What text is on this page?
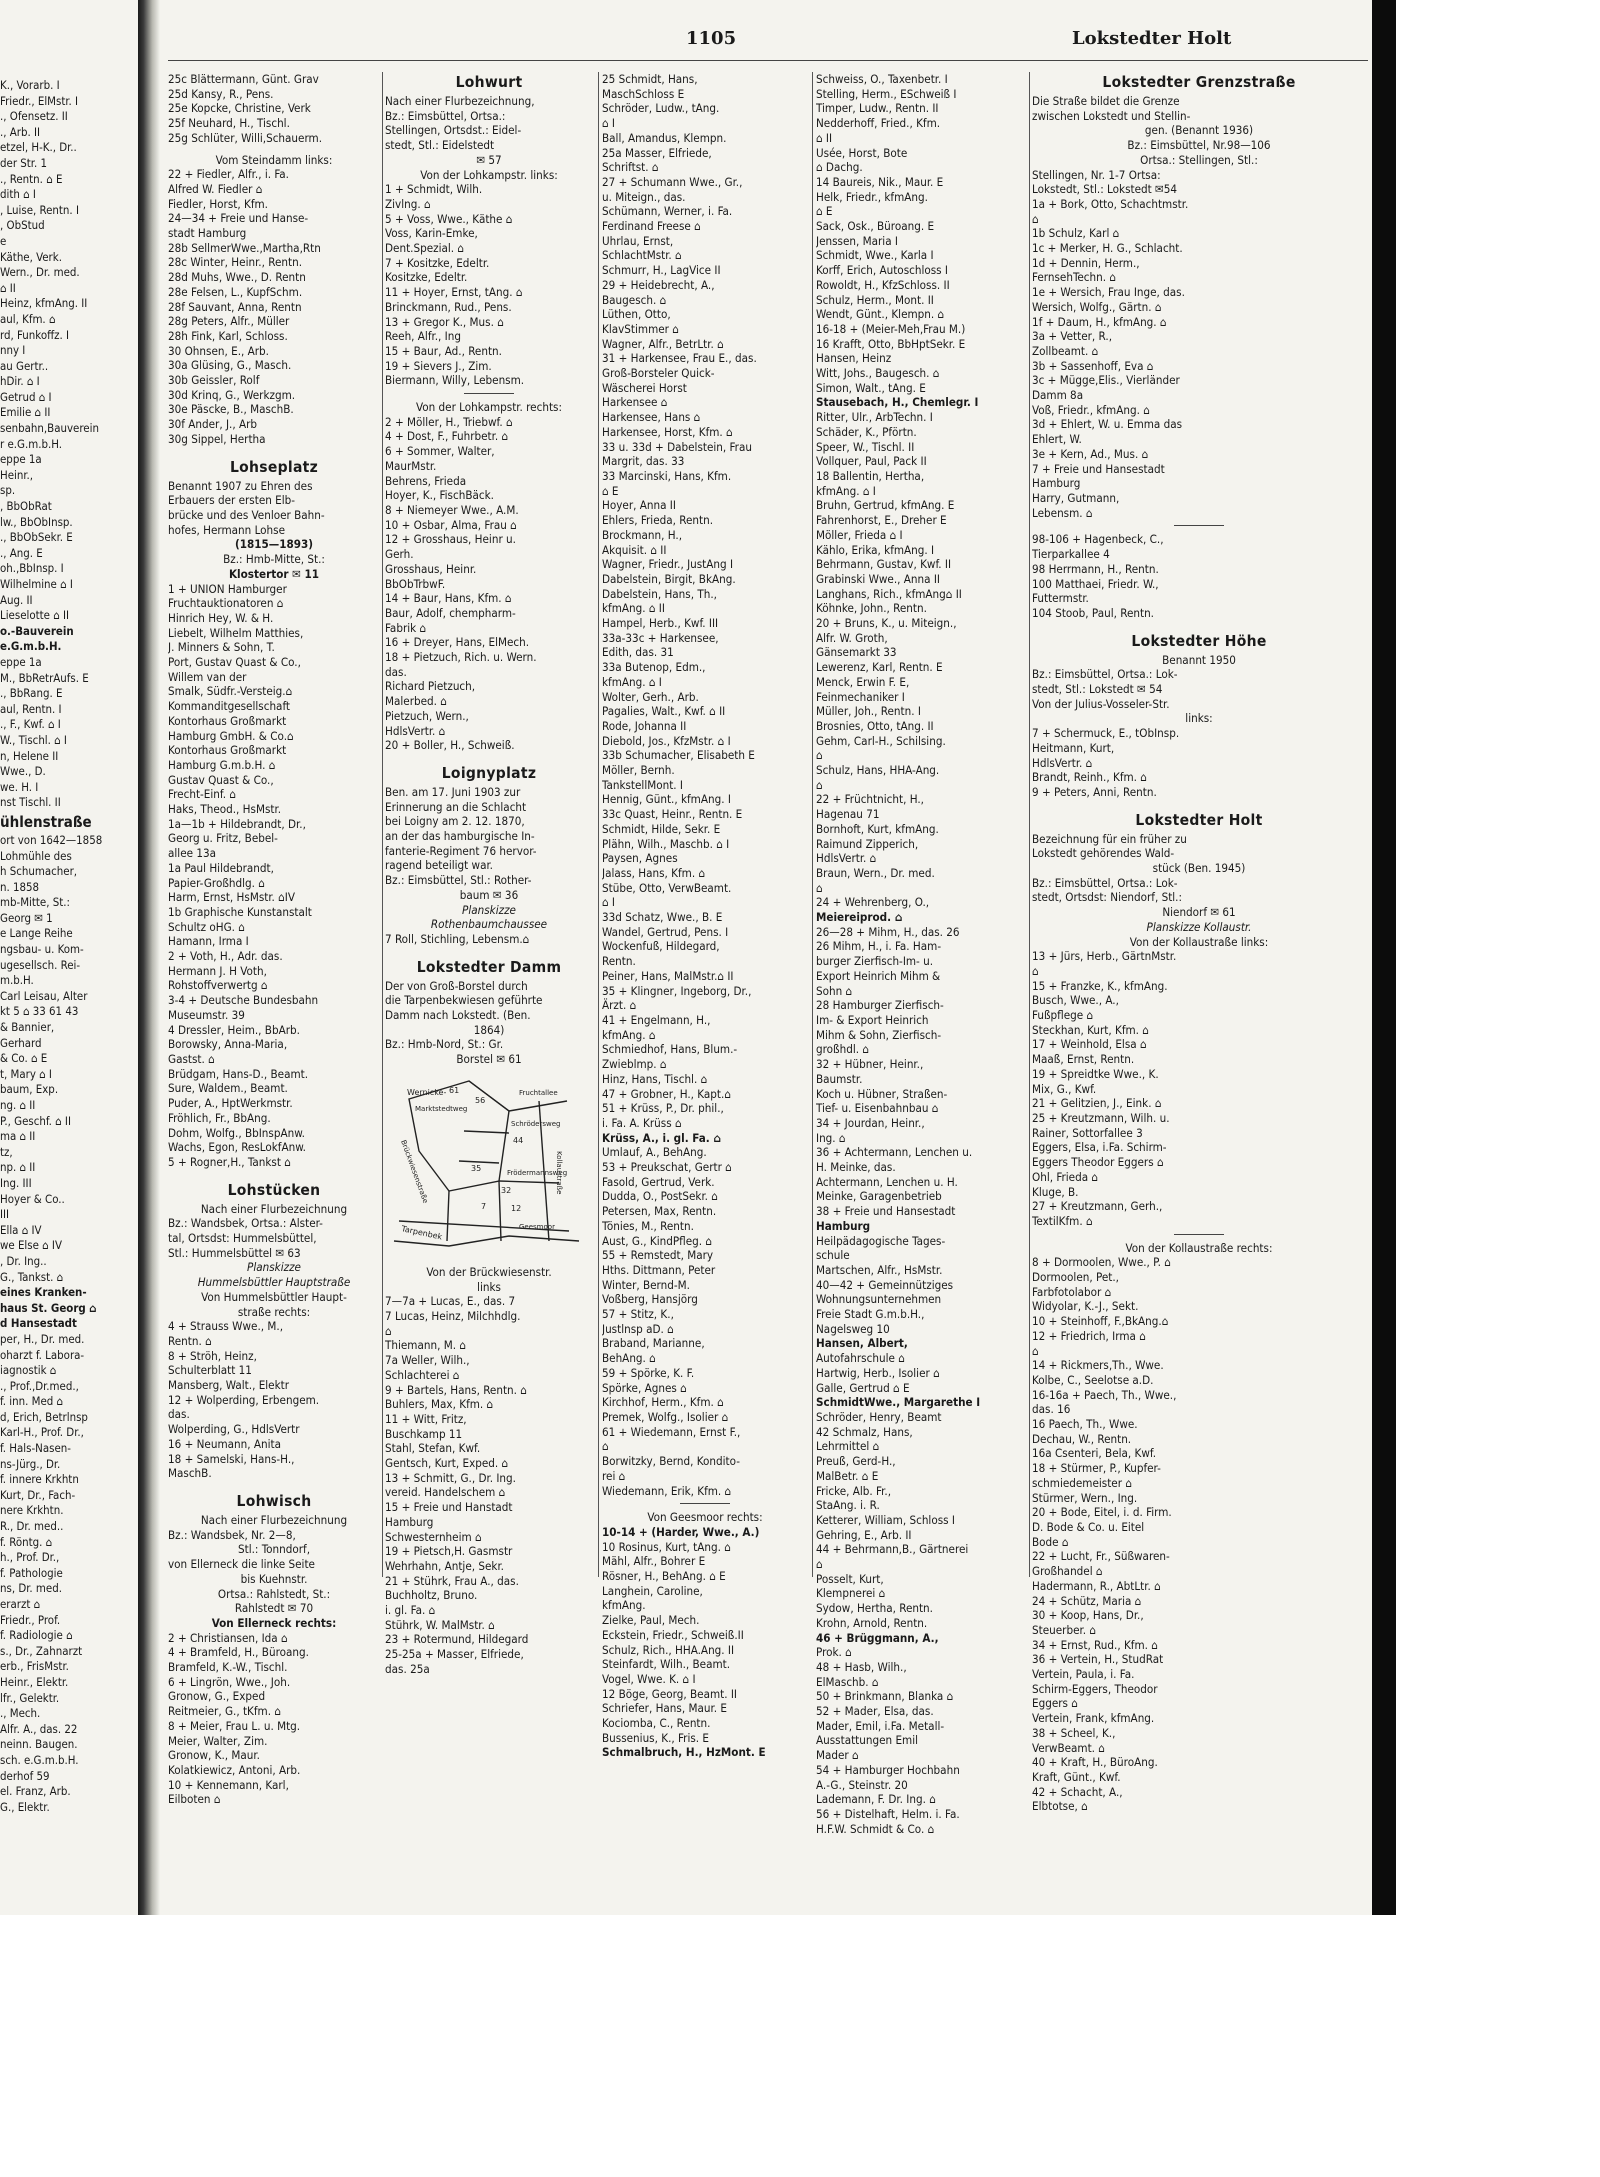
K., Vorarb. I
Friedr., ElMstr. I
., Ofensetz. II
., Arb. II
etzel, H-K., Dr..
der Str. 1
., Rentn. ⌂ E
dith ⌂ I
, Luise, Rentn. I
, ObStud
e
Käthe, Verk.
Wern., Dr. med.
⌂ II
Heinz, kfmAng. II
aul, Kfm. ⌂
rd, Funkoffz. I
nny I
au Gertr..
hDir. ⌂ I
Getrud ⌂ I
Emilie ⌂ II
senbahn,Bauverein
r e.G.m.b.H.
eppe 1a
Heinr.,
sp.
, BbObRat
lw., BbObInsp.
., BbObSekr. E
., Ang. E
oh.,BbInsp. I
Wilhelmine ⌂ I
Aug. II
Lieselotte ⌂ II
o.-Bauverein
e.G.m.b.H.
eppe 1a
M., BbRetrAufs. E
., BbRang. E
aul, Rentn. I
., F., Kwf. ⌂ I
W., Tischl. ⌂ I
n, Helene II
Wwe., D.
we. H. I
nst Tischl. II
ühlenstraße
ort von 1642—1858
Lohmühle des
h Schumacher,
n. 1858
mb-Mitte, St.:
Georg ✉ 1
e Lange Reihe
ngsbau- u. Kom-
ugesellsch. Rei-
m.b.H.
Carl Leisau, Alter
kt 5 ⌂ 33 61 43
& Bannier,
Gerhard
& Co. ⌂ E
t, Mary ⌂ I
baum, Exp.
ng. ⌂ II
P., Geschf. ⌂ II
ma ⌂ II
tz,
np. ⌂ II
Ing. III
Hoyer & Co..
III
Ella ⌂ IV
we Else ⌂ IV
, Dr. Ing..
G., Tankst. ⌂
eines Kranken-
haus St. Georg ⌂
d Hansestadt
per, H., Dr. med.
oharzt f. Labora-
iagnostik ⌂
., Prof.,Dr.med.,
f. inn. Med ⌂
d, Erich, Betrlnsp
Karl-H., Prof. Dr.,
f. Hals-Nasen-
ns-Jürg., Dr.
f. innere Krkhtn
Kurt, Dr., Fach-
nere Krkhtn.
R., Dr. med..
f. Röntg. ⌂
h., Prof. Dr.,
f. Pathologie
ns, Dr. med.
erarzt ⌂
Friedr., Prof.
f. Radiologie ⌂
s., Dr., Zahnarzt
erb., FrisMstr.
Heinr., Elektr.
lfr., Gelektr.
., Mech.
Alfr. A., das. 22
neinn. Baugen.
sch. e.G.m.b.H.
derhof 59
el. Franz, Arb.
G., Elektr.
1105	Lokstedter Holt
25c Blättermann, Günt. Grav
25d Kansy, R., Pens.
25e Kopcke, Christine, Verk
25f Neuhard, H., Tischl.
25g Schlüter, Willi,Schauerm.
Vom Steindamm links:
22 + Fiedler, Alfr., i. Fa.
Alfred W. Fiedler ⌂
Fiedler, Horst, Kfm.
24—34 + Freie und Hanse-
stadt Hamburg
28b SellmerWwe.,Martha,Rtn
28c Winter, Heinr., Rentn.
28d Muhs, Wwe., D. Rentn
28e Felsen, L., KupfSchm.
28f Sauvant, Anna, Rentn
28g Peters, Alfr., Müller
28h Fink, Karl, Schloss.
30 Ohnsen, E., Arb.
30a Glüsing, G., Masch.
30b Geissler, Rolf
30d Krinq, G., Werkzgm.
30e Päscke, B., MaschB.
30f Ander, J., Arb
30g Sippel, Hertha
Lohseplatz
Benannt 1907 zu Ehren des
Erbauers der ersten Elb-
brücke und des Venloer Bahn-
hofes, Hermann Lohse
(1815—1893)
Bz.: Hmb-Mitte, St.:
Klostertor ✉ 11
1 + UNION Hamburger
Fruchtauktionatoren ⌂
Hinrich Hey, W. & H.
Liebelt, Wilhelm Matthies,
J. Minners & Sohn, T.
Port, Gustav Quast & Co.,
Willem van der
Smalk, Südfr.-Versteig.⌂
Kommanditgesellschaft
Kontorhaus Großmarkt
Hamburg GmbH. & Co.⌂
Kontorhaus Großmarkt
Hamburg G.m.b.H. ⌂
Gustav Quast & Co.,
Frecht-Einf. ⌂
Haks, Theod., HsMstr.
1a—1b + Hildebrandt, Dr.,
Georg u. Fritz, Bebel-
allee 13a
1a Paul Hildebrandt,
Papier-Großhdlg. ⌂
Harm, Ernst, HsMstr. ⌂IV
1b Graphische Kunstanstalt
Schultz oHG. ⌂
Hamann, Irma I
2 + Voth, H., Adr. das.
Hermann J. H Voth,
Rohstoffverwertg ⌂
3-4 + Deutsche Bundesbahn
Museumstr. 39
4 Dressler, Heim., BbArb.
Borowsky, Anna-Maria,
Gastst. ⌂
Brüdgam, Hans-D., Beamt.
Sure, Waldem., Beamt.
Puder, A., HptWerkmstr.
Fröhlich, Fr., BbAng.
Dohm, Wolfg., BbInspAnw.
Wachs, Egon, ResLokfAnw.
5 + Rogner,H., Tankst ⌂
Lohstücken
Nach einer Flurbezeichnung
Bz.: Wandsbek, Ortsa.: Alster-
tal, Ortsdst: Hummelsbüttel,
Stl.: Hummelsbüttel ✉ 63
Planskizze
Hummelsbüttler Hauptstraße
Von Hummelsbüttler Haupt-
straße rechts:
4 + Strauss Wwe., M.,
Rentn. ⌂
8 + Ströh, Heinz,
Schulterblatt 11
Mansberg, Walt., Elektr
12 + Wolperding, Erbengem.
das.
Wolperding, G., HdlsVertr
16 + Neumann, Anita
18 + Samelski, Hans-H.,
MaschB.
Lohwisch
Nach einer Flurbezeichnung
Bz.: Wandsbek, Nr. 2—8,
Stl.: Tonndorf,
von Ellerneck die linke Seite
bis Kuehnstr.
Ortsa.: Rahlstedt, St.:
Rahlstedt ✉ 70
Von Ellerneck rechts:
2 + Christiansen, Ida ⌂
4 + Bramfeld, H., Büroang.
Bramfeld, K.-W., Tischl.
6 + Lingrön, Wwe., Joh.
Gronow, G., Exped
Reitmeier, G., tKfm. ⌂
8 + Meier, Frau L. u. Mtg.
Meier, Walter, Zim.
Gronow, K., Maur.
Kolatkiewicz, Antoni, Arb.
10 + Kennemann, Karl,
Eilboten ⌂
Lohwurt
Nach einer Flurbezeichnung,
Bz.: Eimsbüttel, Ortsa.:
Stellingen, Ortsdst.: Eidel-
stedt, Stl.: Eidelstedt
✉ 57
Von der Lohkampstr. links:
1 + Schmidt, Wilh.
Zivlng. ⌂
5 + Voss, Wwe., Käthe ⌂
Voss, Karin-Emke,
Dent.Spezial. ⌂
7 + Kositzke, Edeltr.
Kositzke, Edeltr.
11 + Hoyer, Ernst, tAng. ⌂
Brinckmann, Rud., Pens.
13 + Gregor K., Mus. ⌂
Reeh, Alfr., Ing
15 + Baur, Ad., Rentn.
19 + Sievers J., Zim.
Biermann, Willy, Lebensm.
Von der Lohkampstr. rechts:
2 + Möller, H., Triebwf. ⌂
4 + Dost, F., Fuhrbetr. ⌂
6 + Sommer, Walter,
MaurMstr.
Behrens, Frieda
Hoyer, K., FischBäck.
8 + Niemeyer Wwe., A.M.
10 + Osbar, Alma, Frau ⌂
12 + Grosshaus, Heinr u.
Gerh.
Grosshaus, Heinr.
BbObTrbwF.
14 + Baur, Hans, Kfm. ⌂
Baur, Adolf, chempharm-
Fabrik ⌂
16 + Dreyer, Hans, ElMech.
18 + Pietzuch, Rich. u. Wern.
das.
Richard Pietzuch,
Malerbed. ⌂
Pietzuch, Wern.,
HdlsVertr. ⌂
20 + Boller, H., Schweiß.
Loignyplatz
Ben. am 17. Juni 1903 zur
Erinnerung an die Schlacht
bei Loigny am 2. 12. 1870,
an der das hamburgische In-
fanterie-Regiment 76 hervor-
ragend beteiligt war.
Bz.: Eimsbüttel, Stl.: Rother-
baum ✉ 36
Planskizze
Rothenbaumchaussee
7 Roll, Stichling, Lebensm.⌂
Lokstedter Damm
Der von Groß-Borstel durch
die Tarpenbekwiesen geführte
Damm nach Lokstedt. (Ben.
1864)
Bz.: Hmb-Nord, St.: Gr.
Borstel ✉ 61
Wernicke-
Marktstedtweg
Fruchtallee
Schrödersweg
Kollaustraße
Brückwiesenstraße	Frödermannsweg
Geesmoor
Tarpenbek
56
44
35
32
7
61
12
Von der Brückwiesenstr.
links
7—7a + Lucas, E., das. 7
7 Lucas, Heinz, Milchhdlg.
⌂
Thiemann, M. ⌂
7a Weller, Wilh.,
Schlachterei ⌂
9 + Bartels, Hans, Rentn. ⌂
Buhlers, Max, Kfm. ⌂
11 + Witt, Fritz,
Buschkamp 11
Stahl, Stefan, Kwf.
Gentsch, Kurt, Exped. ⌂
13 + Schmitt, G., Dr. Ing.
vereid. Handelschem ⌂
15 + Freie und Hanstadt
Hamburg
Schwesternheim ⌂
19 + Pietsch,H. Gasmstr
Wehrhahn, Antje, Sekr.
21 + Stührk, Frau A., das.
Buchholtz, Bruno.
i. gl. Fa. ⌂
Stührk, W. MalMstr. ⌂
23 + Rotermund, Hildegard
25-25a + Masser, Elfriede,
das. 25a
25 Schmidt, Hans,
MaschSchloss E
Schröder, Ludw., tAng.
⌂ I
Ball, Amandus, Klempn.
25a Masser, Elfriede,
Schriftst. ⌂
27 + Schumann Wwe., Gr.,
u. Miteign., das.
Schümann, Werner, i. Fa.
Ferdinand Freese ⌂
Uhrlau, Ernst,
SchlachtMstr. ⌂
Schmurr, H., LagVice II
29 + Heidebrecht, A.,
Baugesch. ⌂
Lüthen, Otto,
KlavStimmer ⌂
Wagner, Alfr., BetrLtr. ⌂
31 + Harkensee, Frau E., das.
Groß-Borsteler Quick-
Wäscherei Horst
Harkensee ⌂
Harkensee, Hans ⌂
Harkensee, Horst, Kfm. ⌂
33 u. 33d + Dabelstein, Frau
Margrit, das. 33
33 Marcinski, Hans, Kfm.
⌂ E
Hoyer, Anna II
Ehlers, Frieda, Rentn.
Brockmann, H.,
Akquisit. ⌂ II
Wagner, Friedr., JustAng I
Dabelstein, Birgit, BkAng.
Dabelstein, Hans, Th.,
kfmAng. ⌂ II
Hampel, Herb., Kwf. III
33a-33c + Harkensee,
Edith, das. 31
33a Butenop, Edm.,
kfmAng. ⌂ I
Wolter, Gerh., Arb.
Pagalies, Walt., Kwf. ⌂ II
Rode, Johanna II
Diebold, Jos., KfzMstr. ⌂ I
33b Schumacher, Elisabeth E
Möller, Bernh.
TankstellMont. I
Hennig, Günt., kfmAng. I
33c Quast, Heinr., Rentn. E
Schmidt, Hilde, Sekr. E
Plähn, Wilh., Maschb. ⌂ I
Paysen, Agnes
Jalass, Hans, Kfm. ⌂
Stübe, Otto, VerwBeamt.
⌂ I
33d Schatz, Wwe., B. E
Wandel, Gertrud, Pens. I
Wockenfuß, Hildegard,
Rentn.
Peiner, Hans, MalMstr.⌂ II
35 + Klingner, Ingeborg, Dr.,
Ärzt. ⌂
41 + Engelmann, H.,
kfmAng. ⌂
Schmiedhof, Hans, Blum.-
Zwieblmp. ⌂
Hinz, Hans, Tischl. ⌂
47 + Grobner, H., Kapt.⌂
51 + Krüss, P., Dr. phil.,
i. Fa. A. Krüss ⌂
Krüss, A., i. gl. Fa. ⌂
Umlauf, A., BehAng.
53 + Preukschat, Gertr ⌂
Fasold, Gertrud, Verk.
Dudda, O., PostSekr. ⌂
Petersen, Max, Rentn.
Tönies, M., Rentn.
Aust, G., KindPfleg. ⌂
55 + Remstedt, Mary
Hths. Dittmann, Peter
Winter, Bernd-M.
Voßberg, Hansjörg
57 + Stitz, K.,
Justlnsp aD. ⌂
Braband, Marianne,
BehAng. ⌂
59 + Spörke, K. F.
Spörke, Agnes ⌂
Kirchhof, Herm., Kfm. ⌂
Premek, Wolfg., Isolier ⌂
61 + Wiedemann, Ernst F.,
⌂
Borwitzky, Bernd, Kondito-
rei ⌂
Wiedemann, Erik, Kfm. ⌂
Von Geesmoor rechts:
10-14 + (Harder, Wwe., A.)
10 Rosinus, Kurt, tAng. ⌂
Mähl, Alfr., Bohrer E
Rösner, H., BehAng. ⌂ E
Langhein, Caroline,
kfmAng.
Zielke, Paul, Mech.
Eckstein, Friedr., Schweiß.II
Schulz, Rich., HHA.Ang. II
Steinfardt, Wilh., Beamt.
Vogel, Wwe. K. ⌂ I
12 Böge, Georg, Beamt. II
Schriefer, Hans, Maur. E
Kociomba, C., Rentn.
Bussenius, K., Fris. E
Schmalbruch, H., HzMont. E
Schweiss, O., Taxenbetr. I
Stelling, Herm., ESchweiß I
Timper, Ludw., Rentn. II
Nedderhoff, Fried., Kfm.
⌂ II
Usée, Horst, Bote
⌂ Dachg.
14 Baureis, Nik., Maur. E
Helk, Friedr., kfmAng.
⌂ E
Sack, Osk., Büroang. E
Jenssen, Maria I
Schmidt, Wwe., Karla I
Korff, Erich, Autoschloss I
Rowoldt, H., KfzSchloss. II
Schulz, Herm., Mont. II
Wendt, Günt., Klempn. ⌂
16-18 + (Meier-Meh,Frau M.)
16 Krafft, Otto, BbHptSekr. E
Hansen, Heinz
Witt, Johs., Baugesch. ⌂
Simon, Walt., tAng. E
Stausebach, H., Chemlegr. I
Ritter, Ulr., ArbTechn. I
Schäder, K., Pförtn.
Speer, W., Tischl. II
Vollquer, Paul, Pack II
18 Ballentin, Hertha,
kfmAng. ⌂ I
Bruhn, Gertrud, kfmAng. E
Fahrenhorst, E., Dreher E
Möller, Frieda ⌂ I
Kählo, Erika, kfmAng. I
Behrmann, Gustav, Kwf. II
Grabinski Wwe., Anna II
Langhans, Rich., kfmAng⌂ II
Köhnke, John., Rentn.
20 + Bruns, K., u. Miteign.,
Alfr. W. Groth,
Gänsemarkt 33
Lewerenz, Karl, Rentn. E
Menck, Erwin F. E,
Feinmechaniker I
Müller, Joh., Rentn. I
Brosnies, Otto, tAng. II
Gehm, Carl-H., Schilsing.
⌂
Schulz, Hans, HHA-Ang.
⌂
22 + Früchtnicht, H.,
Hagenau 71
Bornhoft, Kurt, kfmAng.
Raimund Zipperich,
HdlsVertr. ⌂
Braun, Wern., Dr. med.
⌂
24 + Wehrenberg, O.,
Meiereiprod. ⌂
26—28 + Mihm, H., das. 26
26 Mihm, H., i. Fa. Ham-
burger Zierfisch-Im- u.
Export Heinrich Mihm &
Sohn ⌂
28 Hamburger Zierfisch-
Im- & Export Heinrich
Mihm & Sohn, Zierfisch-
großhdl. ⌂
32 + Hübner, Heinr.,
Baumstr.
Koch u. Hübner, Straßen-
Tief- u. Eisenbahnbau ⌂
34 + Jourdan, Heinr.,
Ing. ⌂
36 + Achtermann, Lenchen u.
H. Meinke, das.
Achtermann, Lenchen u. H.
Meinke, Garagenbetrieb
38 + Freie und Hansestadt
Hamburg
Heilpädagogische Tages-
schule
Martschen, Alfr., HsMstr.
40—42 + Gemeinnütziges
Wohnungsunternehmen
Freie Stadt G.m.b.H.,
Nagelsweg 10
Hansen, Albert,
Autofahrschule ⌂
Hartwig, Herb., Isolier ⌂
Galle, Gertrud ⌂ E
SchmidtWwe., Margarethe I
Schröder, Henry, Beamt
42 Schmalz, Hans,
Lehrmittel ⌂
Preuß, Gerd-H.,
MalBetr. ⌂ E
Fricke, Alb. Fr.,
StaAng. i. R.
Ketterer, William, Schloss I
Gehring, E., Arb. II
44 + Behrmann,B., Gärtnerei
⌂
Posselt, Kurt,
Klempnerei ⌂
Sydow, Hertha, Rentn.
Krohn, Arnold, Rentn.
46 + Brüggmann, A.,
Prok. ⌂
48 + Hasb, Wilh.,
ElMaschb. ⌂
50 + Brinkmann, Blanka ⌂
52 + Mader, Elsa, das.
Mader, Emil, i.Fa. Metall-
Ausstattungen Emil
Mader ⌂
54 + Hamburger Hochbahn
A.-G., Steinstr. 20
Lademann, F. Dr. Ing. ⌂
56 + Distelhaft, Helm. i. Fa.
H.F.W. Schmidt & Co. ⌂
Lokstedter Grenzstraße
Die Straße bildet die Grenze
zwischen Lokstedt und Stellin-
gen. (Benannt 1936)
Bz.: Eimsbüttel, Nr.98—106
Ortsa.: Stellingen, Stl.:
Stellingen, Nr. 1-7 Ortsa:
Lokstedt, Stl.: Lokstedt ✉54
1a + Bork, Otto, Schachtmstr.
⌂
1b Schulz, Karl ⌂
1c + Merker, H. G., Schlacht.
1d + Dennin, Herm.,
FernsehTechn. ⌂
1e + Wersich, Frau Inge, das.
Wersich, Wolfg., Gärtn. ⌂
1f + Daum, H., kfmAng. ⌂
3a + Vetter, R.,
Zollbeamt. ⌂
3b + Sassenhoff, Eva ⌂
3c + Mügge,Elis., Vierländer
Damm 8a
Voß, Friedr., kfmAng. ⌂
3d + Ehlert, W. u. Emma das
Ehlert, W.
3e + Kern, Ad., Mus. ⌂
7 + Freie und Hansestadt
Hamburg
Harry, Gutmann,
Lebensm. ⌂
98-106 + Hagenbeck, C.,
Tierparkallee 4
98 Herrmann, H., Rentn.
100 Matthaei, Friedr. W.,
Futtermstr.
104 Stoob, Paul, Rentn.
Lokstedter Höhe
Benannt 1950
Bz.: Eimsbüttel, Ortsa.: Lok-
stedt, Stl.: Lokstedt ✉ 54
Von der Julius-Vosseler-Str.
links:
7 + Schermuck, E., tObInsp.
Heitmann, Kurt,
HdlsVertr. ⌂
Brandt, Reinh., Kfm. ⌂
9 + Peters, Anni, Rentn.
Lokstedter Holt
Bezeichnung für ein früher zu
Lokstedt gehörendes Wald-
stück (Ben. 1945)
Bz.: Eimsbüttel, Ortsa.: Lok-
stedt, Ortsdst: Niendorf, Stl.:
Niendorf ✉ 61
Planskizze Kollaustr.
Von der Kollaustraße links:
13 + Jürs, Herb., GärtnMstr.
⌂
15 + Franzke, K., kfmAng.
Busch, Wwe., A.,
Fußpflege ⌂
Steckhan, Kurt, Kfm. ⌂
17 + Weinhold, Elsa ⌂
Maaß, Ernst, Rentn.
19 + Spreidtke Wwe., K.
Mix, G., Kwf.
21 + Gelitzien, J., Eink. ⌂
25 + Kreutzmann, Wilh. u.
Rainer, Sottorfallee 3
Eggers, Elsa, i.Fa. Schirm-
Eggers Theodor Eggers ⌂
Ohl, Frieda ⌂
Kluge, B.
27 + Kreutzmann, Gerh.,
TextilKfm. ⌂
Von der Kollaustraße rechts:
8 + Dormoolen, Wwe., P. ⌂
Dormoolen, Pet.,
Farbfotolabor ⌂
Widyolar, K.-J., Sekt.
10 + Steinhoff, F.,BkAng.⌂
12 + Friedrich, Irma ⌂
⌂
14 + Rickmers,Th., Wwe.
Kolbe, C., Seelotse a.D.
16-16a + Paech, Th., Wwe.,
das. 16
16 Paech, Th., Wwe.
Dechau, W., Rentn.
16a Csenteri, Bela, Kwf.
18 + Stürmer, P., Kupfer-
schmiedemeister ⌂
Stürmer, Wern., Ing.
20 + Bode, Eitel, i. d. Firm.
D. Bode & Co. u. Eitel
Bode ⌂
22 + Lucht, Fr., Süßwaren-
Großhandel ⌂
Hadermann, R., AbtLtr. ⌂
24 + Schütz, Maria ⌂
30 + Koop, Hans, Dr.,
Steuerber. ⌂
34 + Ernst, Rud., Kfm. ⌂
36 + Vertein, H., StudRat
Vertein, Paula, i. Fa.
Schirm-Eggers, Theodor
Eggers ⌂
Vertein, Frank, kfmAng.
38 + Scheel, K.,
VerwBeamt. ⌂
40 + Kraft, H., BüroAng.
Kraft, Günt., Kwf.
42 + Schacht, A.,
Elbtotse, ⌂
